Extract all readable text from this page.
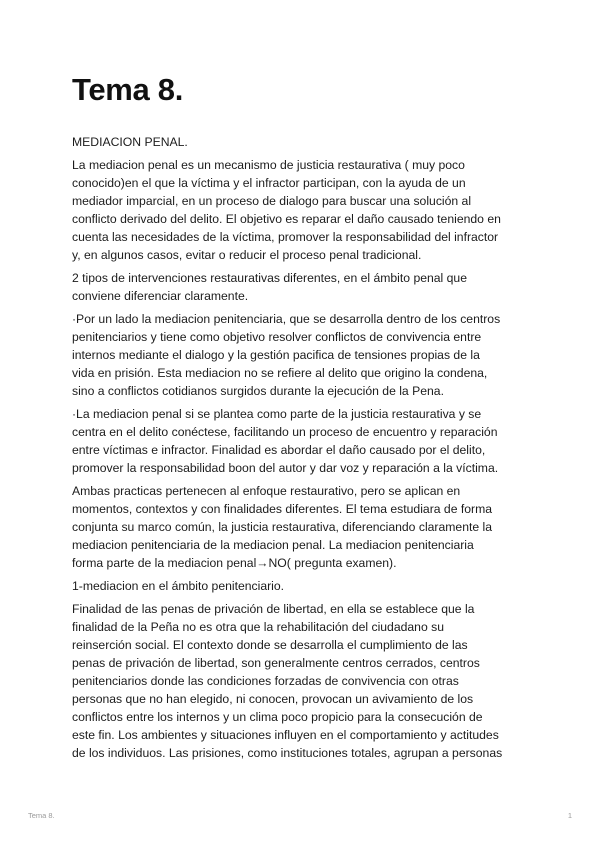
Tema 8.

MEDIACION PENAL.

La mediacion penal es un mecanismo de justicia restaurativa ( muy poco
conocido)en el que la víctima y el infractor participan, con la ayuda de un
mediador imparcial, en un proceso de dialogo para buscar una solución al
conflicto derivado del delito. El objetivo es reparar el daño causado teniendo en
cuenta las necesidades de la víctima, promover la responsabilidad del infractor
y, en algunos casos, evitar o reducir el proceso penal tradicional.

2 tipos de intervenciones restaurativas diferentes, en el ámbito penal que
conviene diferenciar claramente.

·Por un lado la mediacion penitenciaria, que se desarrolla dentro de los centros
penitenciarios y tiene como objetivo resolver conflictos de convivencia entre
internos mediante el dialogo y la gestión pacifica de tensiones propias de la
vida en prisión. Esta mediacion no se refiere al delito que origino la condena,
sino a conflictos cotidianos surgidos durante la ejecución de la Pena.

·La mediacion penal si se plantea como parte de la justicia restaurativa y se
centra en el delito conéctese, facilitando un proceso de encuentro y reparación
entre víctimas e infractor. Finalidad es abordar el daño causado por el delito,
promover la responsabilidad boon del autor y dar voz y reparación a la víctima.

Ambas practicas pertenecen al enfoque restaurativo, pero se aplican en
momentos, contextos y con finalidades diferentes. El tema estudiara de forma
conjunta su marco común, la justicia restaurativa, diferenciando claramente la
mediacion penitenciaria de la mediacion penal. La mediacion penitenciaria
forma parte de la mediacion penal→NO( pregunta examen).

1-mediacion en el ámbito penitenciario.

Finalidad de las penas de privación de libertad, en ella se establece que la
finalidad de la Peña no es otra que la rehabilitación del ciudadano su
reinserción social. El contexto donde se desarrolla el cumplimiento de las
penas de privación de libertad, son generalmente centros cerrados, centros
penitenciarios donde las condiciones forzadas de convivencia con otras
personas que no han elegido, ni conocen, provocan un avivamiento de los
conflictos entre los internos y un clima poco propicio para la consecución de
este fin. Los ambientes y situaciones influyen en el comportamiento y actitudes
de los individuos. Las prisiones, como instituciones totales, agrupan a personas

Tema 8.	1
